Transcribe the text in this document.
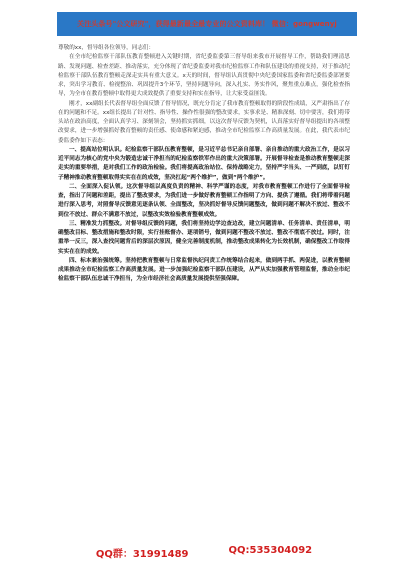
关注头条号"公文研究"，获得最新最全最专业的公文资料库！ 微信：gongwenyj

尊敬的xx，督导组各位领导，同志们：

在全市纪检监察干部队伍教育整顿进入关键时期，省纪委监委第三督导组来我市开展督导工作，帮助我们理清思路、发现问题、检查差距、推动落实，充分体现了省纪委监委对我市纪检监察工作和队伍建设的重视支持，对于推动纪检监察干部队伍教育整顿走深走实具有重大意义。x天的时间，督导组认真贯彻中央纪委国家监委和省纪委监委部署要求，突出学习教育、检视整治、巩固提升3个环节，坚持问题导向，深入扎实、务实作风，聚焦重点难点，强化检查指导，为全市在教育整顿中取得更大成效提供了重要支持和实在指导，让大家受益匪浅。

刚才，xx副组长代表督导组全面反馈了督导情况，既充分肯定了我市教育整顿取得的阶段性成绩，又严肃指出了存在的问题和不足。xx组长提出了针对性、指导性、操作性很强的整改要求，实事求是、精准深刻、切中要害，我们将带头站在政治高度，全面认真学习、深刻领会，坚持抓实抓细，以这次督导反馈为契机，认真落实好督导组提出的各项整改要求，进一步增强抓好教育整顿的责任感、使命感和紧迫感，推动全市纪检监察工作高质量发展。在此，我代表市纪委监委作如下表态：

一、提高站位明认识。纪检监察干部队伍教育整顿，是习近平总书记亲自部署、亲自推动的重大政治工作，是以习近平同志为核心的党中央为锻造忠诚干净担当的纪检监察铁军作出的重大决策部署。开展督导检查是推动教育整顿走深走实的重要举措，是对我们工作的政治检验。我们将提高政治站位、保持战略定力，坚持严字当头、一严到底，以钉钉子精神推动教育整顿取得实实在在的成效，坚决扛起“两个维护”，做到“两个维护”。

二、全面深入促认领。这次督导组以高度负责的精神、科学严谨的态度，对我市教育整顿工作进行了全面督导检查，指出了问题和差距，提出了整改要求，为我们进一步做好教育整顿工作指明了方向、提供了遵循。我们将带着问题进行深入思考，对照督导反馈意见逐条认领、全面整改，坚决抓好督导反馈问题整改，做到问题不解决不放过、整改不到位不放过、群众不满意不放过，以整改实效检验教育整顿成效。

三、精准发力抓整改。对督导组反馈的问题，我们将坚持边学边查边改，建立问题清单、任务清单、责任清单，明确整改目标、整改措施和整改时限，实行挂账督办、逐项销号，做到问题不整改不放过、整改不彻底不放过。同时，注重举一反三，深入查找问题背后的深层次原因，健全完善制度机制，推动整改成果转化为长效机制，确保整改工作取得实实在在的成效。

四、标本兼治强统筹。坚持把教育整顿与日常监督执纪问责工作统筹结合起来，做到两手抓、两促进，以教育整顿成果推动全市纪检监察工作高质量发展。进一步加强纪检监察干部队伍建设，从严从实加强教育管理监督，推动全市纪检监察干部队伍忠诚干净担当，为全市经济社会高质量发展提供坚强保障。

QQ群：31991489	QQ:535304092
